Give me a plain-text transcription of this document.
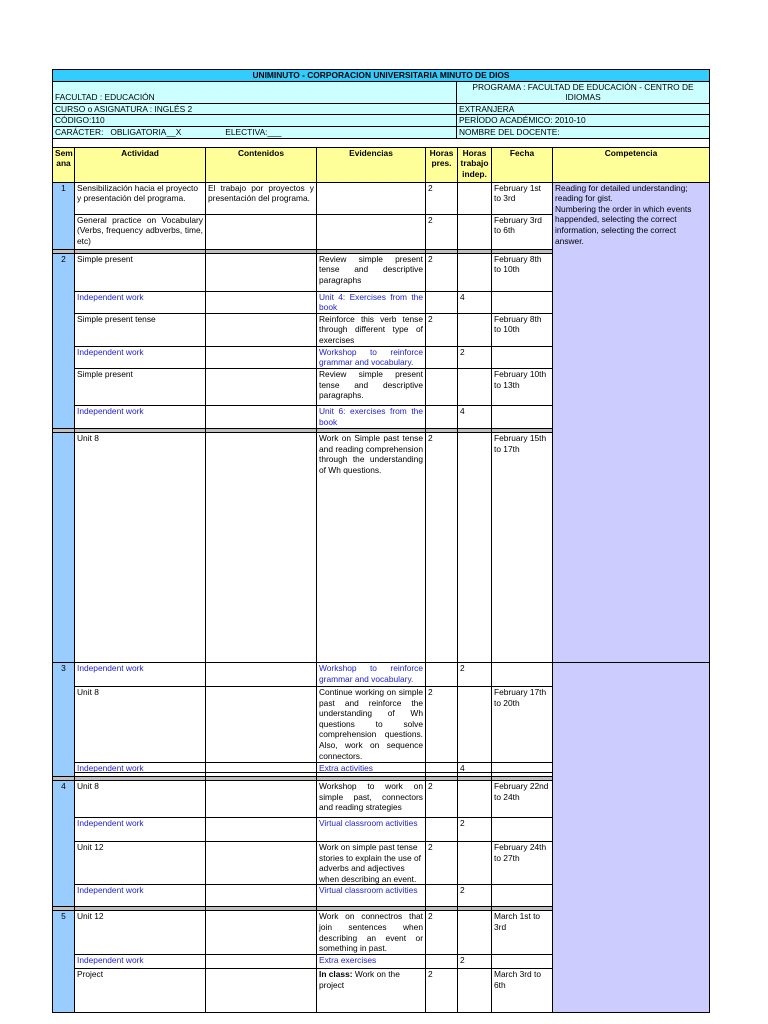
UNIMINUTO - CORPORACION UNIVERSITARIA MINUTO DE DIOS	
FACULTAD : EDUCACIÓN	PROGRAMA : FACULTAD DE EDUCACIÓN - CENTRO DE IDIOMAS
CURSO o ASIGNATURA : INGLÉS 2	EXTRANJERA
CÓDIGO:110	PERÍODO ACADÉMICO: 2010-10
CARÁCTER: OBLIGATORIA__X ELECTIVA:___	NOMBRE DEL DOCENTE:

Sem ana	Actividad	Contenidos	Evidencias	Horas pres.	Horas trabajo indep.	Fecha	Competencia	
1	Sensibilización hacia el proyecto y presentación del programa.	El trabajo por proyectos y presentación del programa.		2		February 1st to 3rd	Reading for detailed understanding; reading for gist.
Numbering the order in which events happended, selecting the correct information, selecting the correct answer.	
	General practice on Vocabulary (Verbs, frequency adbverbs, time, etc)			2		February 3rd to 6th		

2	Simple present		Review simple present tense and descriptive paragraphs	2		February 8th to 10th		
	Independent work		Unit 4: Exercises from the book		4			
	Simple present tense		Reinforce this verb tense through different type of exercises	2		February 8th to 10th		
	Independent work		Workshop to reinforce grammar and vocabulary.		2			
	Simple present		Review simple present tense and descriptive paragraphs.			February 10th to 13th		
	Independent work		Unit 6: exercises from the book		4			

	Unit 8		Work on Simple past tense and reading comprehension through the understanding of Wh questions.	2		February 15th to 17th	
3	Independent work		Workshop to reinforce grammar and vocabulary.		2		
	Unit 8		Continue working on simple past and reinforce the understanding of Wh questions to solve comprehension questions. Also, work on sequence connectors.	2		February 17th to 20th	
	Independent work		Extra activities		4		

4	Unit 8		Workshop to work on simple past, connectors and reading strategies	2		February 22nd to 24th	
	Independent work		Virtual classroom activities		2		
	Unit 12		Work on simple past tense stories to explain the use of adverbs and adjectives when describing an event.	2		February 24th to 27th	
	Independent work		Virtual classroom activities		2		

5	Unit 12		Work on connectros that join sentences when describing an event or something in past.	2		March 1st to 3rd	
	Independent work		Extra exercises		2		
	Project		In class: Work on the project	2		March 3rd to 6th	
